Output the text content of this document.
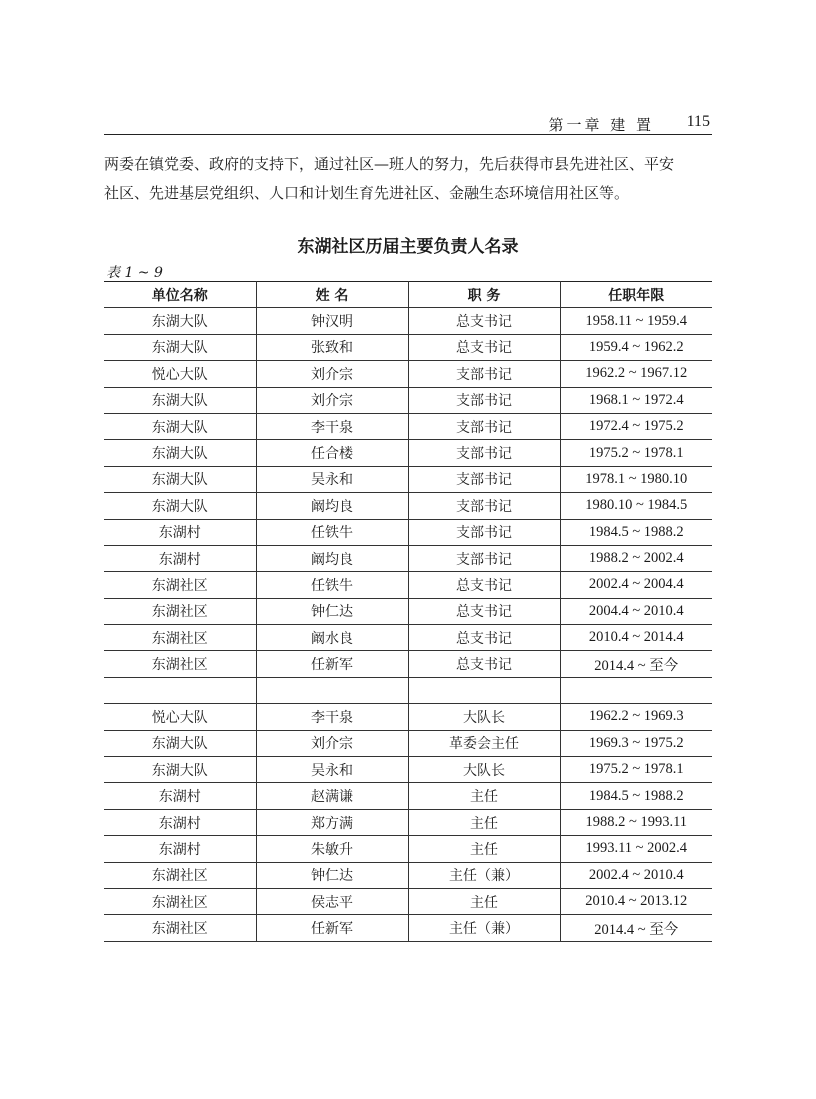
第一章 建 置 115
两委在镇党委、政府的支持下，通过社区—班人的努力，先后获得市县先进社区、平安
社区、先进基层党组织、人口和计划生育先进社区、金融生态环境信用社区等。
东湖社区历届主要负责人名录
表 1 ~ 9
单位名称	姓 名	职 务	任职年限
东湖大队	钟汉明	总支书记	1958.11 ~ 1959.4
东湖大队	张致和	总支书记	1959.4 ~ 1962.2
悦心大队	刘介宗	支部书记	1962.2 ~ 1967.12
东湖大队	刘介宗	支部书记	1968.1 ~ 1972.4
东湖大队	李干泉	支部书记	1972.4 ~ 1975.2
东湖大队	任合楼	支部书记	1975.2 ~ 1978.1
东湖大队	吴永和	支部书记	1978.1 ~ 1980.10
东湖大队	阚均良	支部书记	1980.10 ~ 1984.5
东湖村	任铁牛	支部书记	1984.5 ~ 1988.2
东湖村	阚均良	支部书记	1988.2 ~ 2002.4
东湖社区	任铁牛	总支书记	2002.4 ~ 2004.4
东湖社区	钟仁达	总支书记	2004.4 ~ 2010.4
东湖社区	阚水良	总支书记	2010.4 ~ 2014.4
东湖社区	任新军	总支书记	2014.4 ~ 至今

悦心大队	李干泉	大队长	1962.2 ~ 1969.3
东湖大队	刘介宗	革委会主任	1969.3 ~ 1975.2
东湖大队	吴永和	大队长	1975.2 ~ 1978.1
东湖村	赵满谦	主任	1984.5 ~ 1988.2
东湖村	郑方满	主任	1988.2 ~ 1993.11
东湖村	朱敏升	主任	1993.11 ~ 2002.4
东湖社区	钟仁达	主任（兼）	2002.4 ~ 2010.4
东湖社区	侯志平	主任	2010.4 ~ 2013.12
东湖社区	任新军	主任（兼）	2014.4 ~ 至今
